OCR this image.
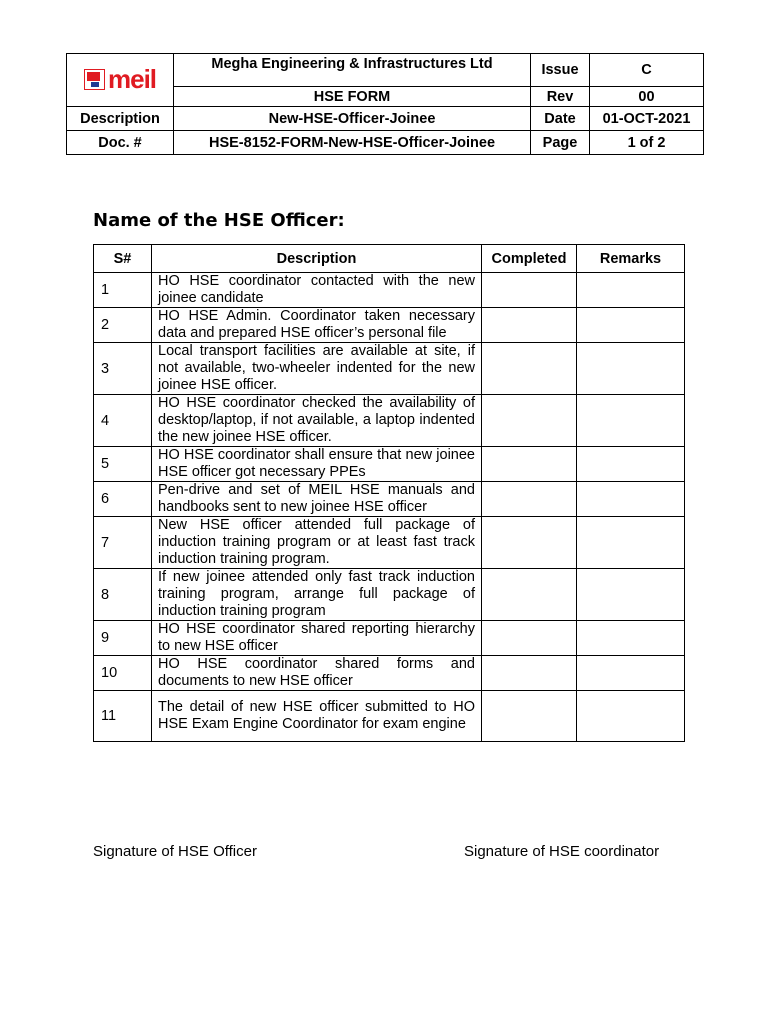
meil	Megha Engineering & Infrastructures Ltd	Issue	C
	HSE FORM	Rev	00
Description	New-HSE-Officer-Joinee	Date	01-OCT-2021
Doc. #	HSE-8152-FORM-New-HSE-Officer-Joinee	Page	1 of 2
Name of the HSE Officer:
S#	Description	Completed	Remarks
1	HO HSE coordinator contacted with the new joinee candidate		
2	HO HSE Admin. Coordinator taken necessary data and prepared HSE officer’s personal file		
3	Local transport facilities are available at site, if not available, two-wheeler indented for the new joinee HSE officer.		
4	HO HSE coordinator checked the availability of desktop/laptop, if not available, a laptop indented the new joinee HSE officer.		
5	HO HSE coordinator shall ensure that new joinee HSE officer got necessary PPEs		
6	Pen-drive and set of MEIL HSE manuals and handbooks sent to new joinee HSE officer		
7	New HSE officer attended full package of induction training program or at least fast track induction training program.		
8	If new joinee attended only fast track induction training program, arrange full package of induction training program		
9	HO HSE coordinator shared reporting hierarchy to new HSE officer		
10	HO HSE coordinator shared forms and documents to new HSE officer		
11	The detail of new HSE officer submitted to HO HSE Exam Engine Coordinator for exam engine		
Signature of HSE Officer	Signature of HSE coordinator
